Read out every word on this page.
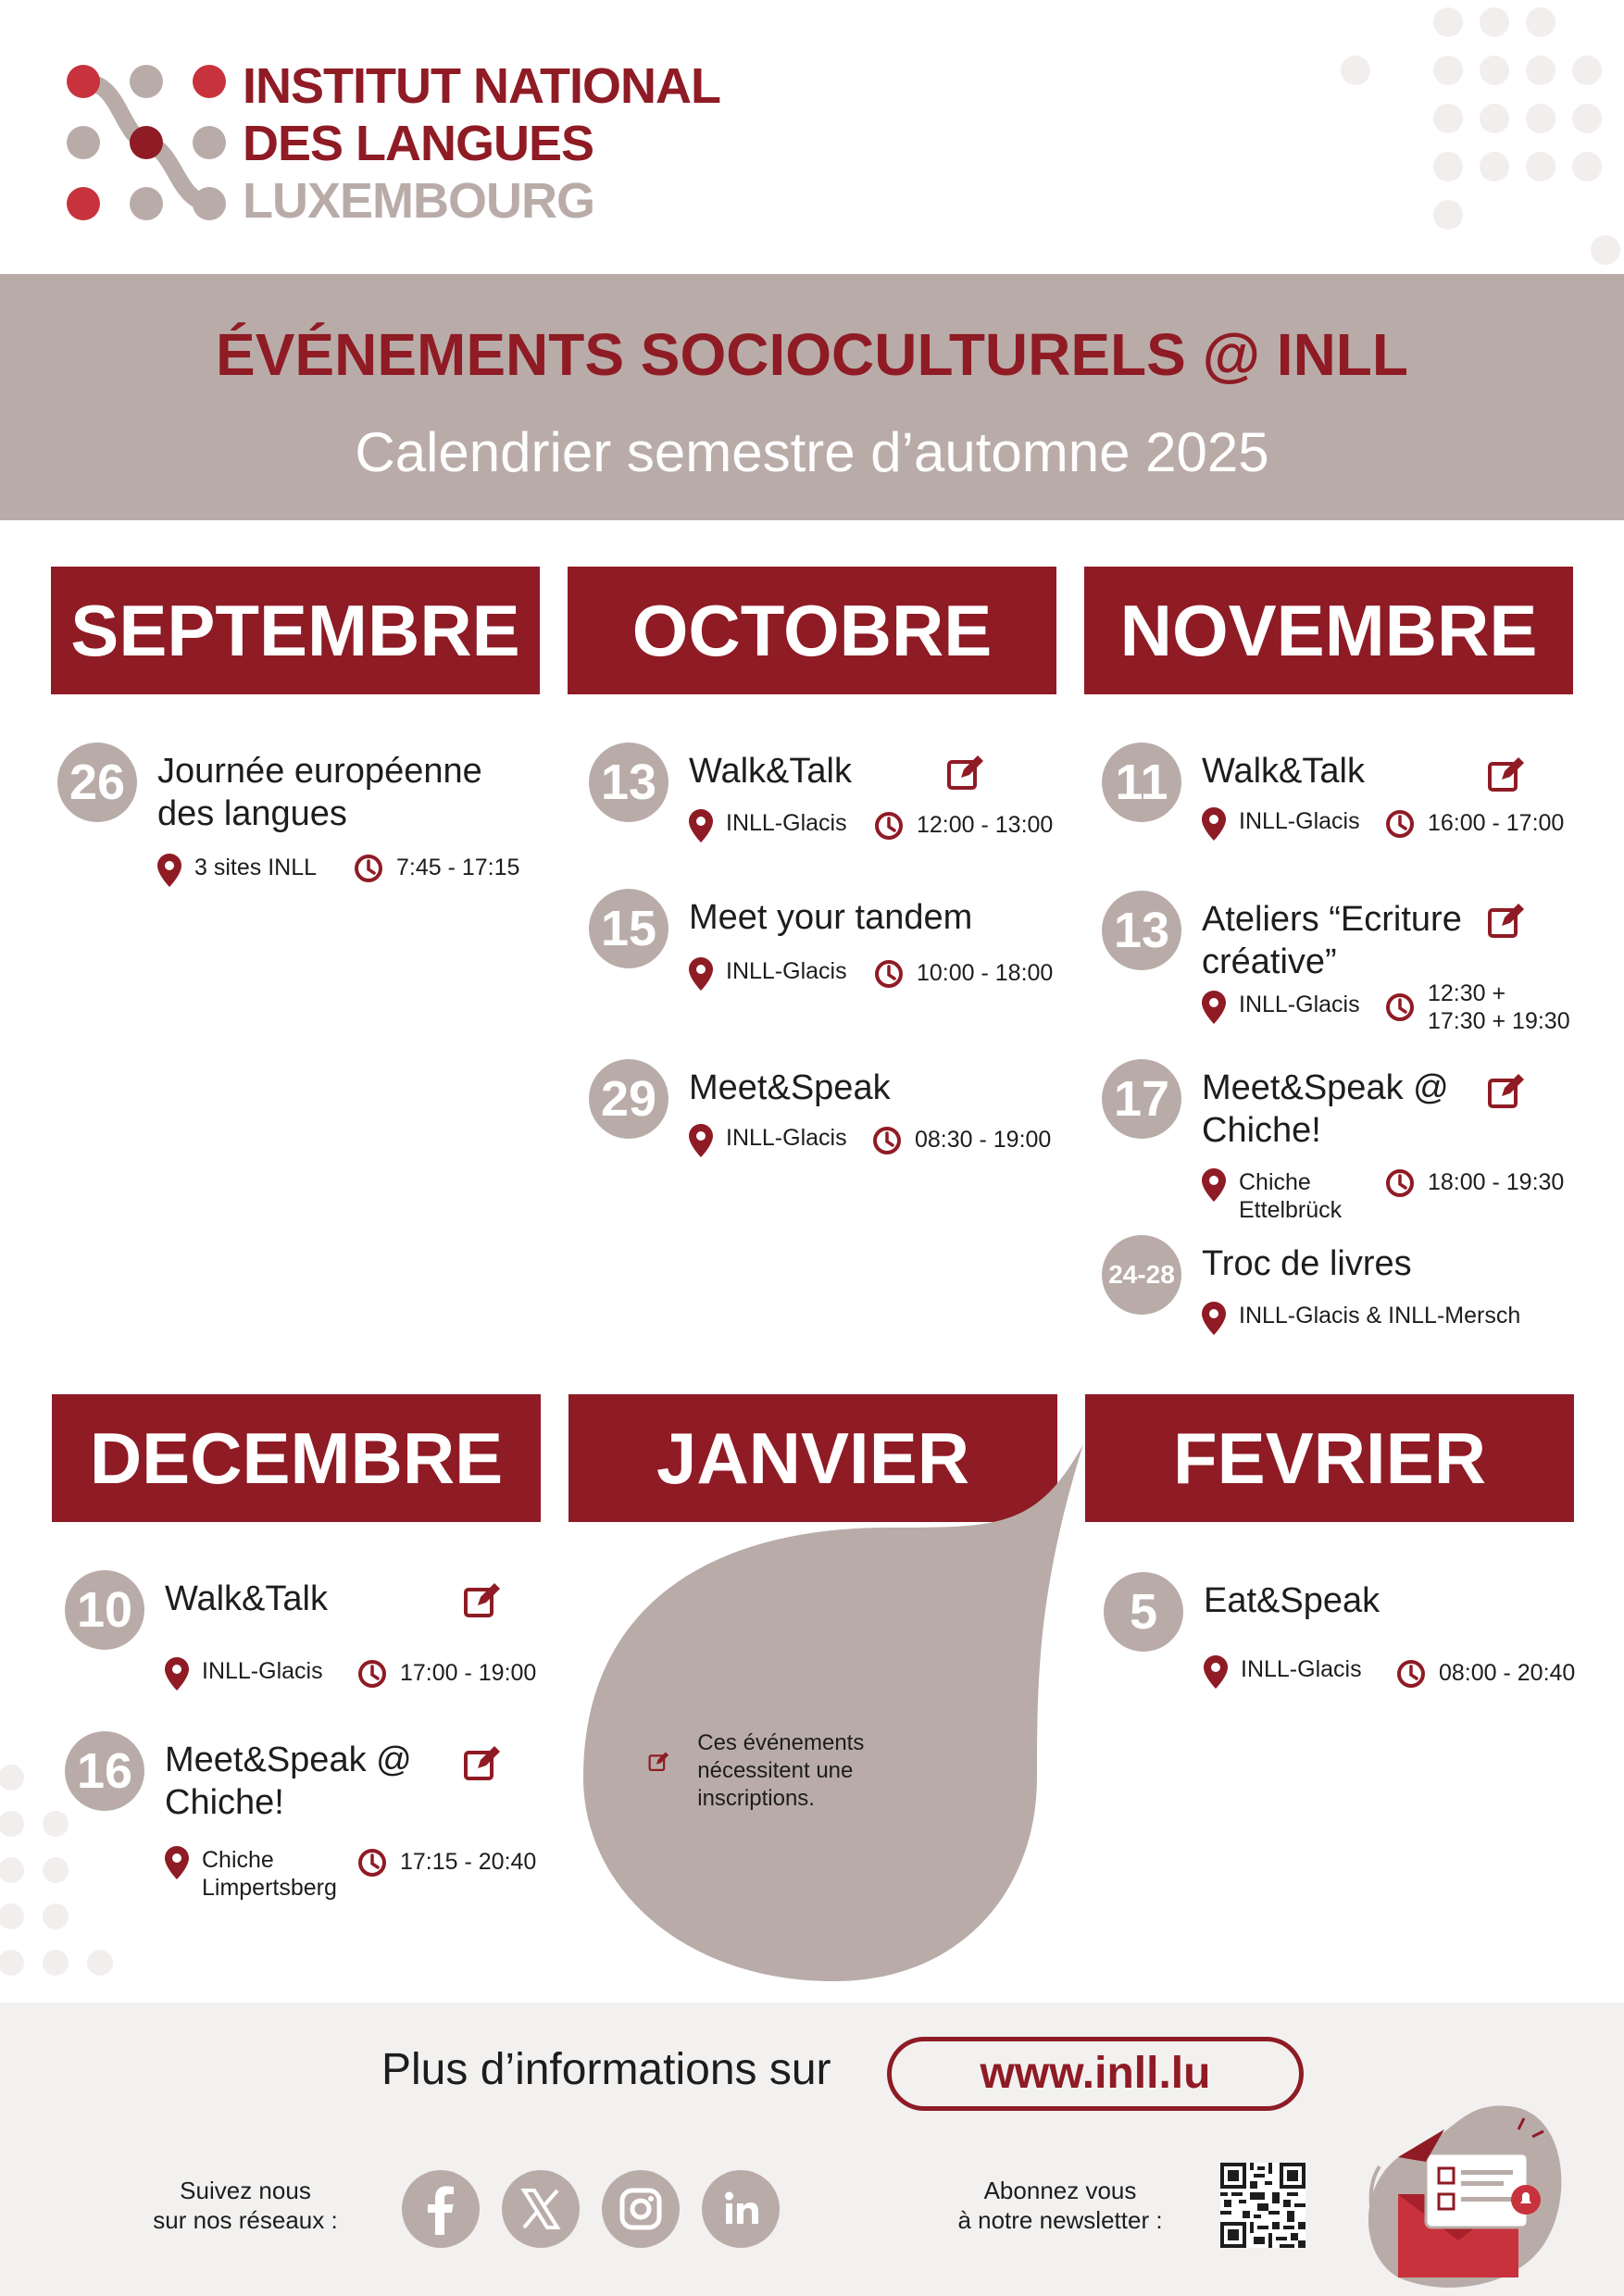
INSTITUT NATIONAL
DES LANGUES
LUXEMBOURG
ÉVÉNEMENTS SOCIOCULTURELS @ INLL
Calendrier semestre d’automne 2025
SEPTEMBRE	OCTOBRE	NOVEMBRE
DECEMBRE	JANVIER	FEVRIER
26 Journée européenne des langues
3 sites INLL	7:45 - 17:15
13 Walk&Talk
INLL-Glacis	12:00 - 13:00
15 Meet your tandem
INLL-Glacis	10:00 - 18:00
29 Meet&Speak
INLL-Glacis	08:30 - 19:00
11 Walk&Talk
INLL-Glacis	16:00 - 17:00
13 Ateliers “Ecriture créative”
INLL-Glacis	12:30 +
17:30 + 19:30
17 Meet&Speak @ Chiche!
Chiche
Ettelbrück
18:00 - 19:30
24-28 Troc de livres
INLL-Glacis & INLL-Mersch
Ces événements nécessitent une inscriptions.
10 Walk&Talk
INLL-Glacis	17:00 - 19:00
16 Meet&Speak @ Chiche!
Chiche
Limpertsberg
17:15 - 20:40
5	Eat&Speak
INLL-Glacis	08:00 - 20:40
Plus d’informations sur	www.inll.lu
Suivez nous
sur nos réseaux :
Abonnez vous
à notre newsletter :
